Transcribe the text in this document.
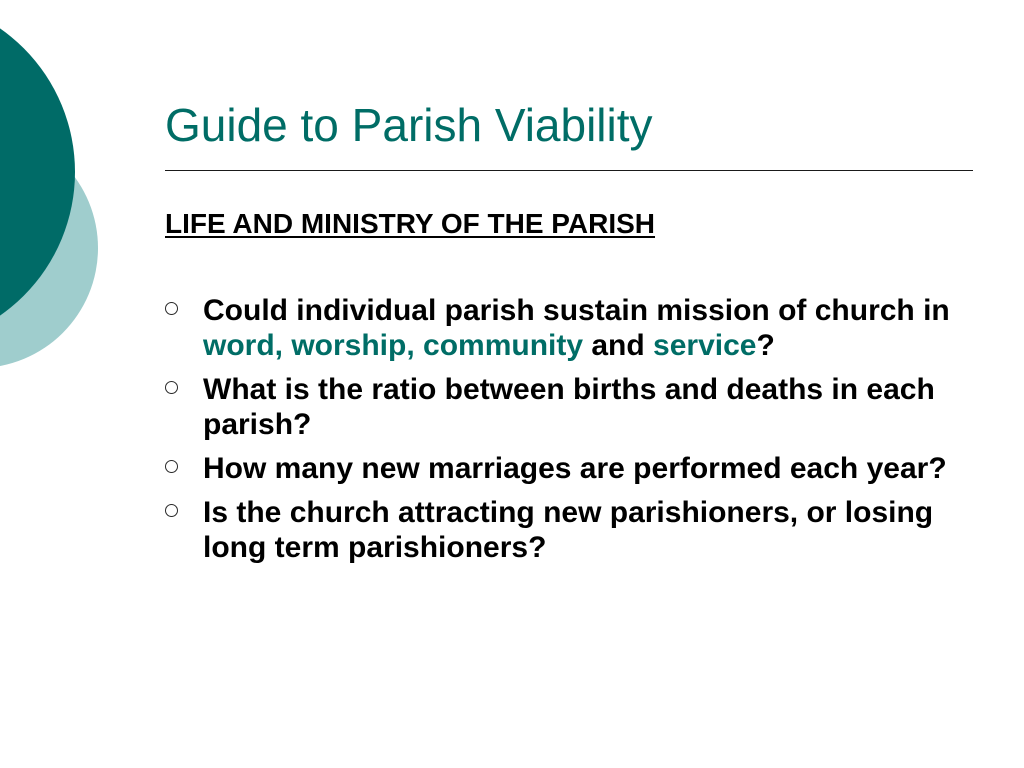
Guide to Parish Viability
LIFE AND MINISTRY OF THE PARISH
Could individual parish sustain mission of church in word, worship, community and service?
What is the ratio between births and deaths in each parish?
How many new marriages are performed each year?
Is the church attracting new parishioners, or losing long term parishioners?
